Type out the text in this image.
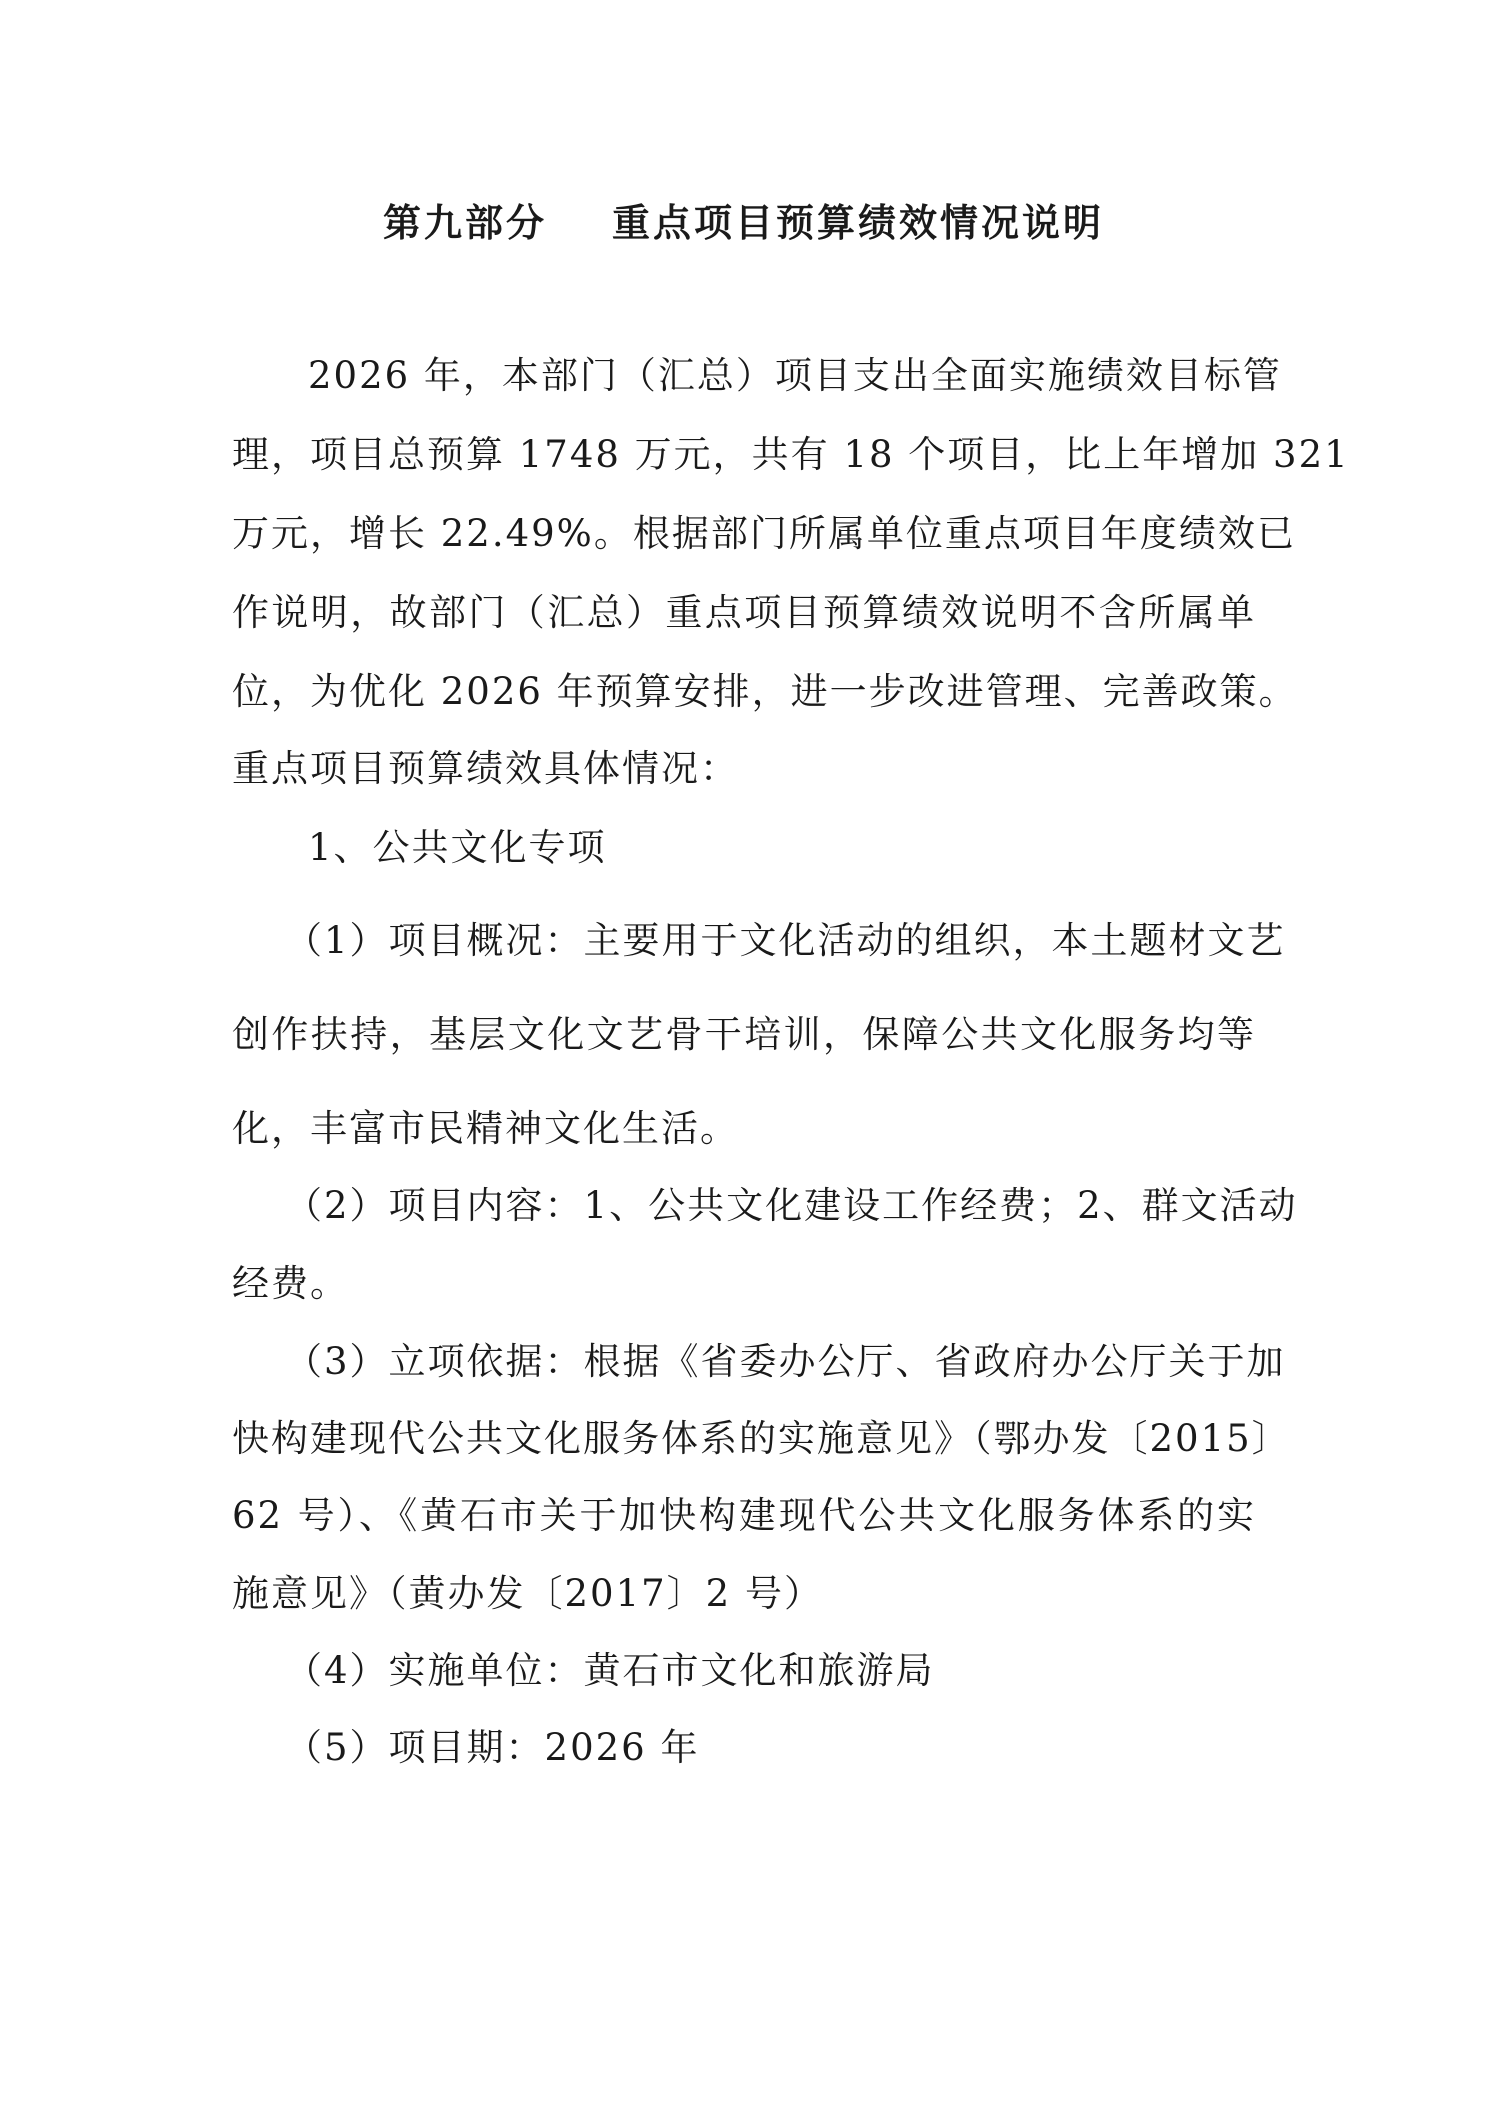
第九部分    重点项目预算绩效情况说明
2026 年，本部门（汇总）项目支出全面实施绩效目标管
理，项目总预算 1748 万元，共有 18 个项目，比上年增加 321
万元，增长 22.49%。根据部门所属单位重点项目年度绩效已
作说明，故部门（汇总）重点项目预算绩效说明不含所属单
位，为优化 2026 年预算安排，进一步改进管理、完善政策。
重点项目预算绩效具体情况：
1、公共文化专项
（1）项目概况：主要用于文化活动的组织，本土题材文艺
创作扶持，基层文化文艺骨干培训，保障公共文化服务均等
化，丰富市民精神文化生活。
（2）项目内容：1、公共文化建设工作经费；2、群文活动
经费。
（3）立项依据：根据《省委办公厅、省政府办公厅关于加
快构建现代公共文化服务体系的实施意见》（鄂办发〔2015〕
62 号）、《黄石市关于加快构建现代公共文化服务体系的实
施意见》（黄办发〔2017〕2 号）
（4）实施单位：黄石市文化和旅游局
（5）项目期：2026 年
